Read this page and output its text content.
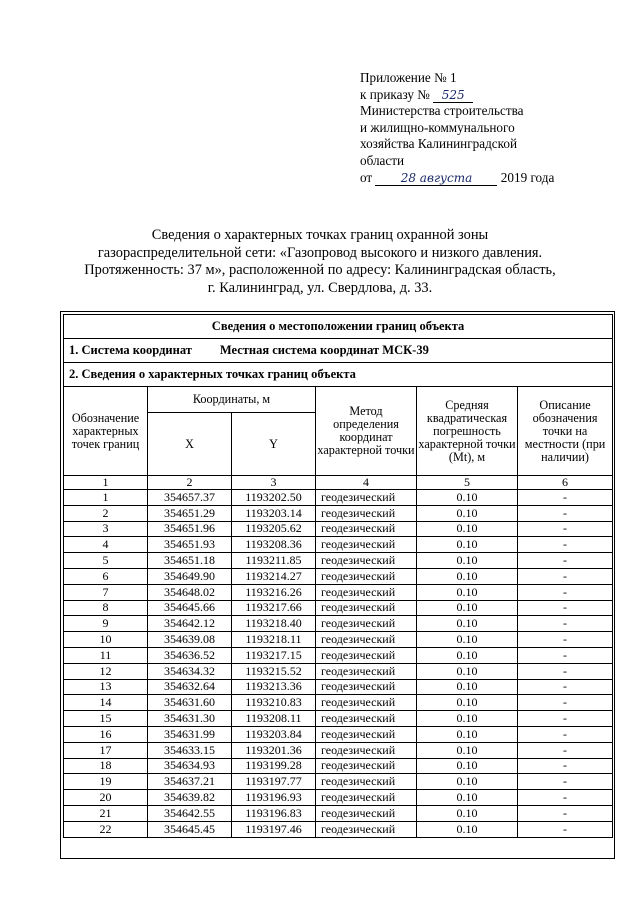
Приложение № 1
к приказу № 525
Министерства строительства
и жилищно-коммунального
хозяйства Калининградской
области
от 28 августа 2019 года
Сведения о характерных точках границ охранной зоны
газораспределительной сети: «Газопровод высокого и низкого давления.
Протяженность: 37 м», расположенной по адресу: Калининградская область,
г. Калининград, ул. Свердлова, д. 33.
Сведения о местоположении границ объекта					
1. Система координат Местная система координат МСК-39					
2. Сведения о характерных точках границ объекта					
Обозначение характерных точек границ	Координаты, м		Метод определения координат характерной точки	Средняя квадратическая погрешность характерной точки (Mt), м	Описание обозначения точки на местности (при наличии)
	X	Y			
1	2	3	4	5	6
1	354657.37	1193202.50	геодезический	0.10	-
2	354651.29	1193203.14	геодезический	0.10	-
3	354651.96	1193205.62	геодезический	0.10	-
4	354651.93	1193208.36	геодезический	0.10	-
5	354651.18	1193211.85	геодезический	0.10	-
6	354649.90	1193214.27	геодезический	0.10	-
7	354648.02	1193216.26	геодезический	0.10	-
8	354645.66	1193217.66	геодезический	0.10	-
9	354642.12	1193218.40	геодезический	0.10	-
10	354639.08	1193218.11	геодезический	0.10	-
11	354636.52	1193217.15	геодезический	0.10	-
12	354634.32	1193215.52	геодезический	0.10	-
13	354632.64	1193213.36	геодезический	0.10	-
14	354631.60	1193210.83	геодезический	0.10	-
15	354631.30	1193208.11	геодезический	0.10	-
16	354631.99	1193203.84	геодезический	0.10	-
17	354633.15	1193201.36	геодезический	0.10	-
18	354634.93	1193199.28	геодезический	0.10	-
19	354637.21	1193197.77	геодезический	0.10	-
20	354639.82	1193196.93	геодезический	0.10	-
21	354642.55	1193196.83	геодезический	0.10	-
22	354645.45	1193197.46	геодезический	0.10	-
